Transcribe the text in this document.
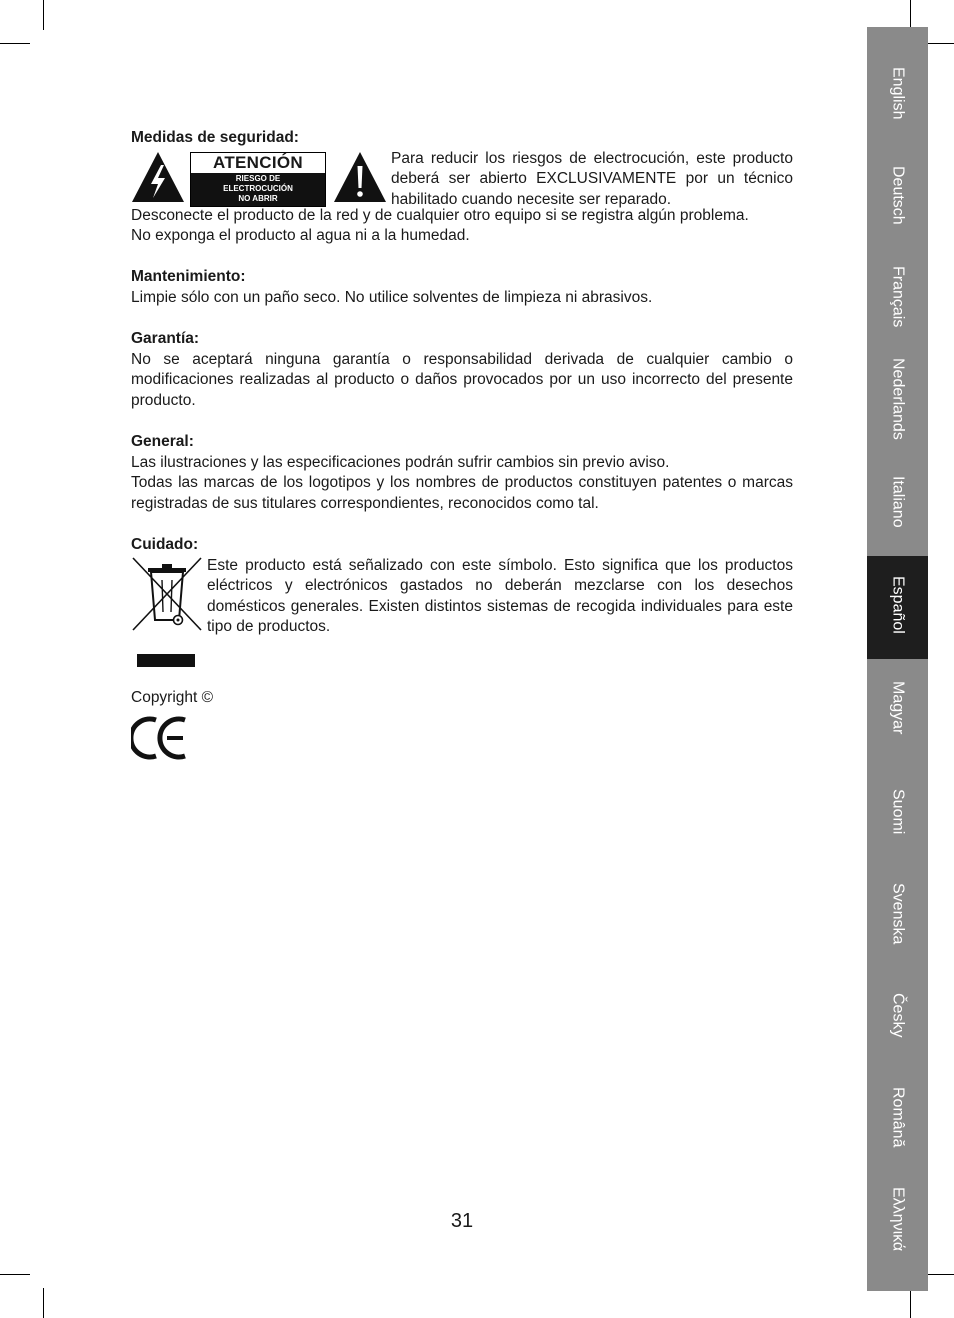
Medidas de seguridad:
ATENCIÓN
RIESGO DE
ELECTROCUCIÓN
NO ABRIR

Para reducir los riesgos de electrocución, este producto deberá ser abierto EXCLUSIVAMENTE por un técnico habilitado cuando necesite ser reparado.

Desconecte el producto de la red y de cualquier otro equipo si se registra algún problema.

No exponga el producto al agua ni a la humedad.

Mantenimiento:

Limpie sólo con un paño seco. No utilice solventes de limpieza ni abrasivos.

Garantía:

No se aceptará ninguna garantía o responsabilidad derivada de cualquier cambio o modificaciones realizadas al producto o daños provocados por un uso incorrecto del presente producto.

General:

Las ilustraciones y las especificaciones podrán sufrir cambios sin previo aviso.

Todas las marcas de los logotipos y los nombres de productos constituyen patentes o marcas registradas de sus titulares correspondientes, reconocidos como tal.

Cuidado:

Este producto está señalizado con este símbolo. Esto significa que los productos eléctricos y electrónicos gastados no deberán mezclarse con los desechos domésticos generales. Existen distintos sistemas de recogida individuales para este tipo de productos.

Copyright ©
31
English
Deutsch
Français
Nederlands
Italiano
Español
Magyar
Suomi
Svenska
Česky
Română
Ελληνικά
